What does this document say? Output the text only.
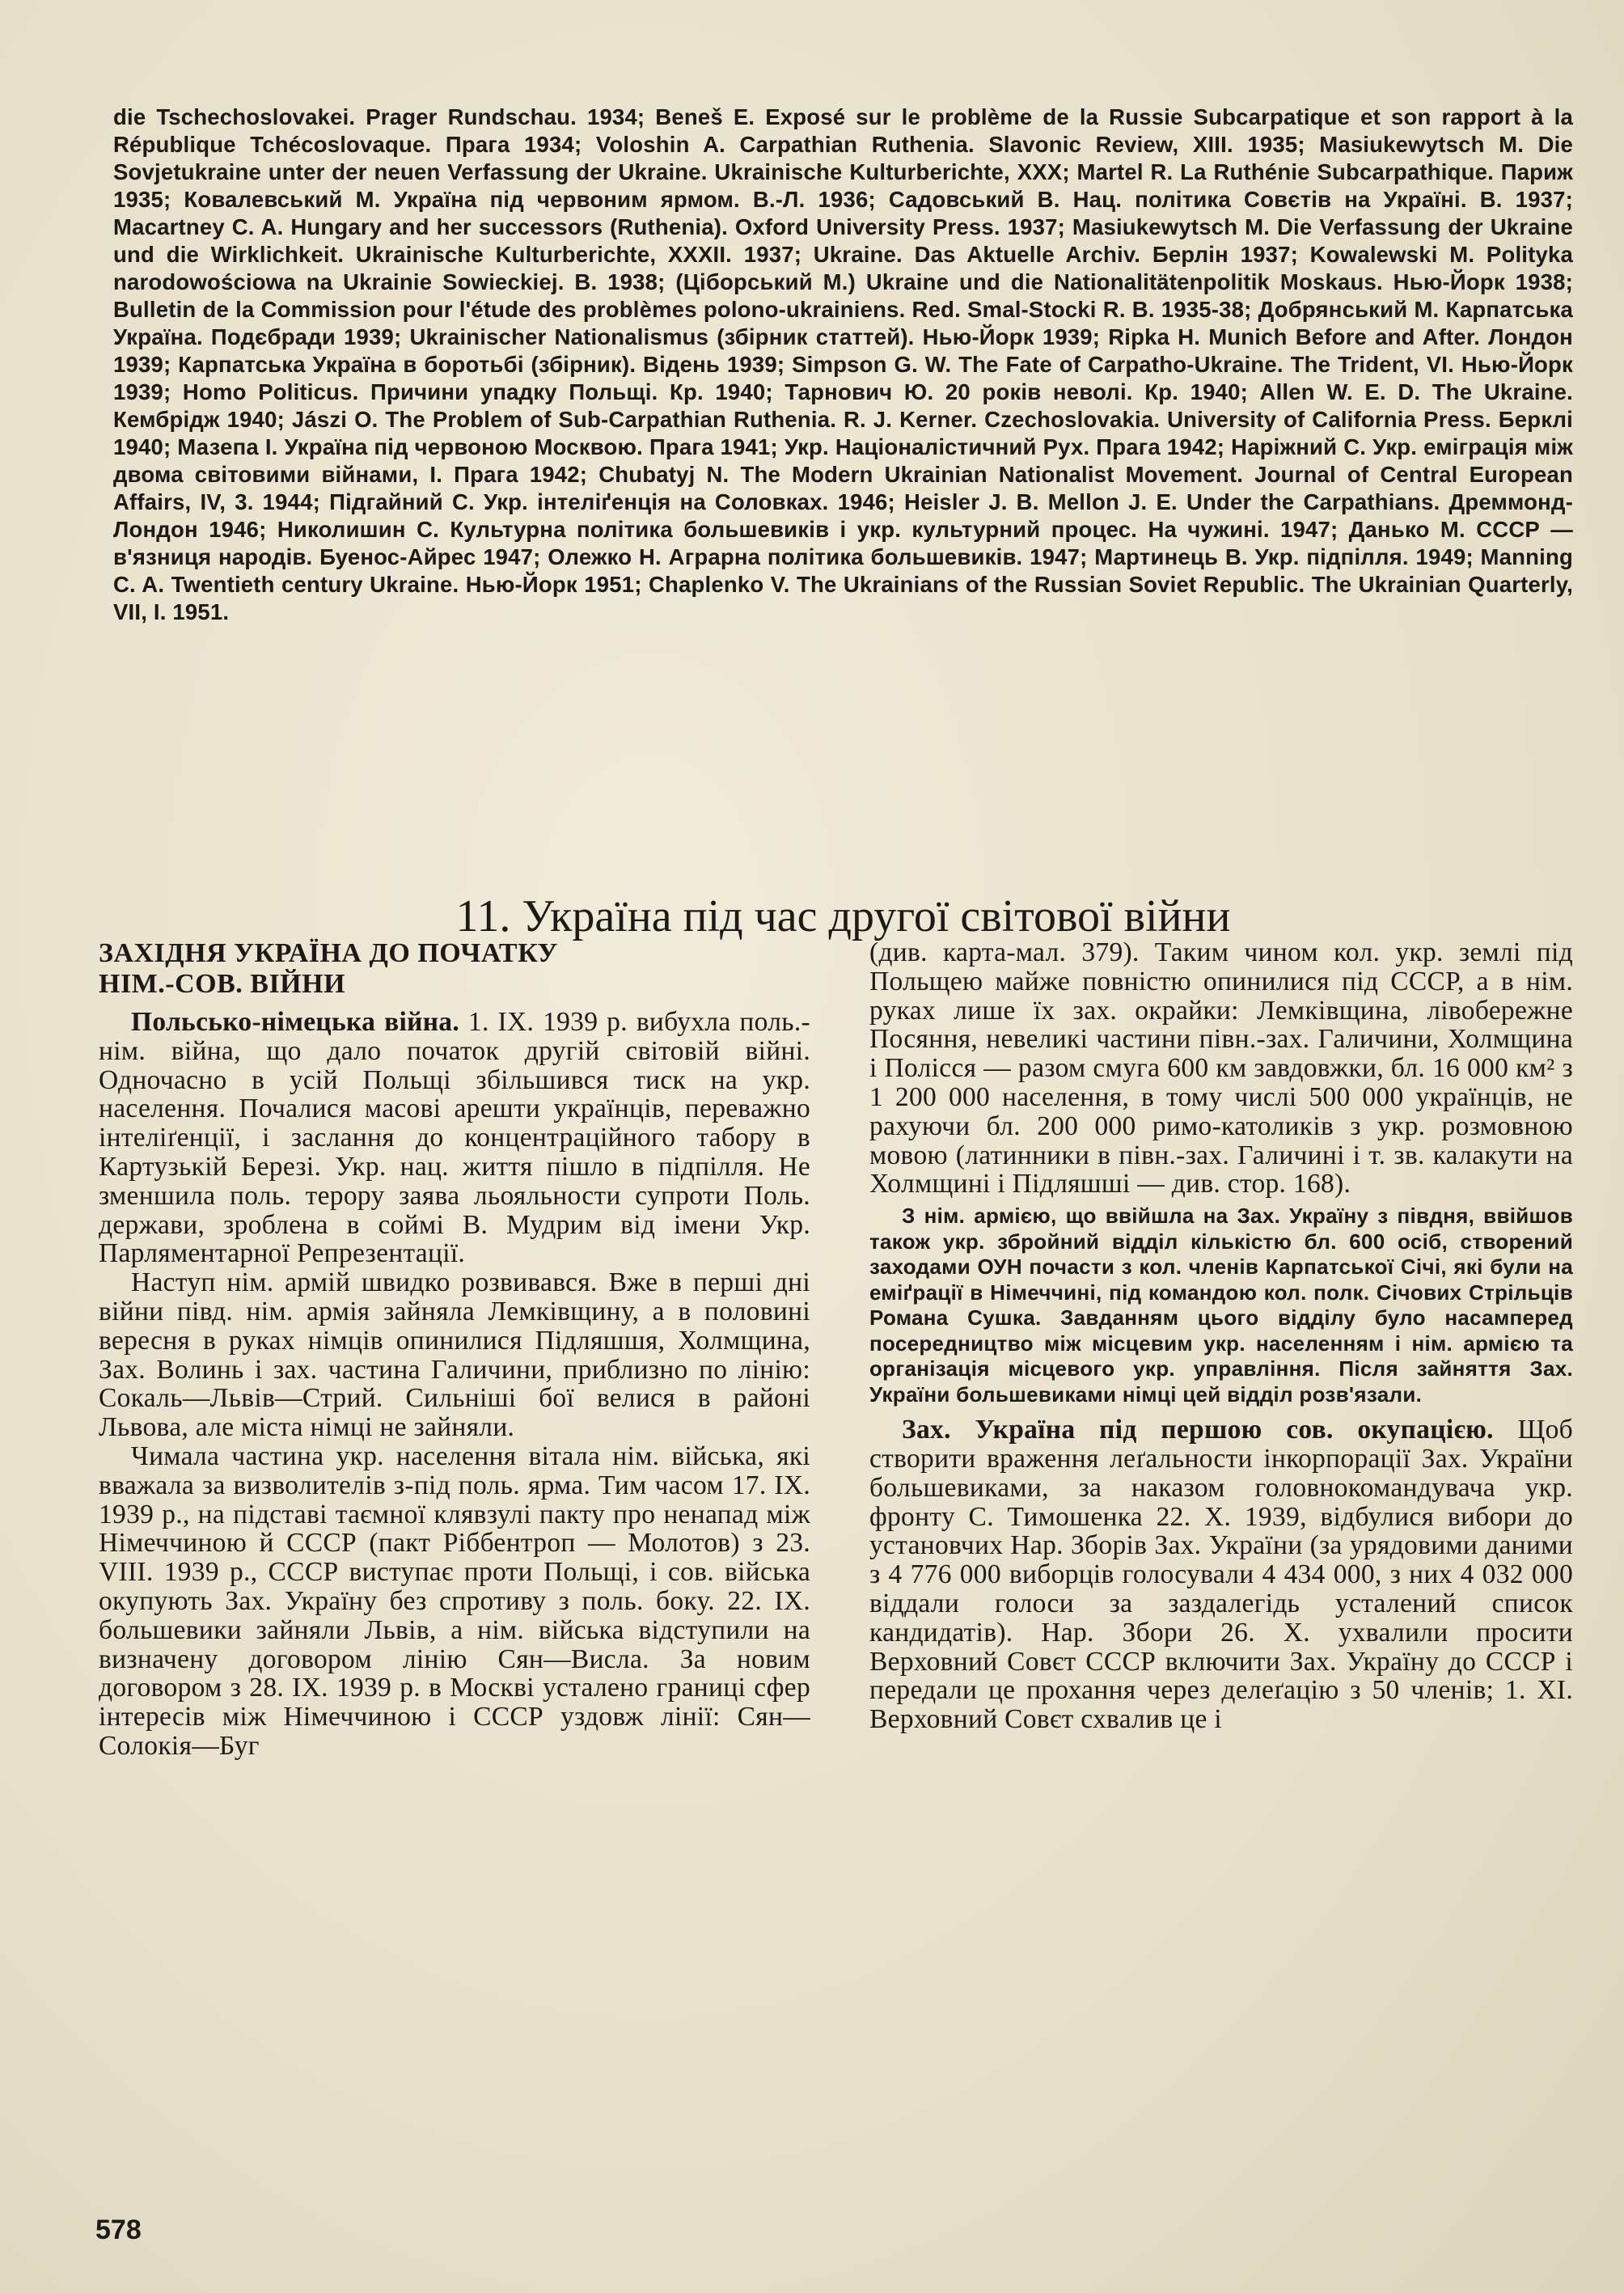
die Tschechoslovakei. Prager Rundschau. 1934; Beneš E. Exposé sur le problème de la Russie Subcarpatique et son rapport à la République Tchécoslovaque. Прага 1934; Voloshin A. Carpathian Ruthenia. Slavonic Review, XIII. 1935; Masiukewytsch M. Die Sovjetukraine unter der neuen Verfassung der Ukraine. Ukrainische Kulturberichte, XXX; Martel R. La Ruthénie Subcarpathique. Париж 1935; Ковалевський М. Україна під червоним ярмом. В.-Л. 1936; Садовський В. Нац. політика Совєтів на Україні. В. 1937; Macartney C. A. Hungary and her successors (Ruthenia). Oxford University Press. 1937; Masiukewytsch M. Die Verfassung der Ukraine und die Wirklichkeit. Ukrainische Kulturberichte, XXXII. 1937; Ukraine. Das Aktuelle Archiv. Берлін 1937; Kowalewski M. Polityka narodowościowa na Ukrainie Sowieckiej. В. 1938; (Ціборський М.) Ukraine und die Nationalitätenpolitik Moskaus. Нью-Йорк 1938; Bulletin de la Commission pour l'étude des problèmes polono-ukrainiens. Red. Smal-Stocki R. B. 1935-38; Добрянський М. Карпатська Україна. Подєбради 1939; Ukrainischer Nationalismus (збірник статтей). Нью-Йорк 1939; Ripka H. Munich Before and After. Лондон 1939; Карпатська Україна в боротьбі (збірник). Відень 1939; Simpson G. W. The Fate of Carpatho-Ukraine. The Trident, VI. Нью-Йорк 1939; Homo Politicus. Причини упадку Польщі. Кр. 1940; Тарнович Ю. 20 років неволі. Кр. 1940; Allen W. E. D. The Ukraine. Кембрідж 1940; Jászi O. The Problem of Sub-Carpathian Ruthenia. R. J. Kerner. Czechoslovakia. University of California Press. Берклі 1940; Мазепа І. Україна під червоною Москвою. Прага 1941; Укр. Націоналістичний Рух. Прага 1942; Наріжний С. Укр. еміграція між двома світовими війнами, І. Прага 1942; Chubatyj N. The Modern Ukrainian Nationalist Movement. Journal of Central European Affairs, IV, 3. 1944; Підгайний С. Укр. інтеліґенція на Соловках. 1946; Heisler J. B. Mellon J. E. Under the Carpathians. Дреммонд-Лондон 1946; Николишин С. Культурна політика большевиків і укр. культурний процес. На чужині. 1947; Данько М. СССР — в'язниця народів. Буенос-Айрес 1947; Олежко Н. Аграрна політика большевиків. 1947; Мартинець В. Укр. підпілля. 1949; Manning C. A. Twentieth century Ukraine. Нью-Йорк 1951; Chaplenko V. The Ukrainians of the Russian Soviet Republic. The Ukrainian Quarterly, VII, I. 1951.
11. Україна під час другої світової війни
ЗАХІДНЯ УКРАЇНА ДО ПОЧАТКУ
НІМ.-СОВ. ВІЙНИ

Польсько-німецька війна. 1. IX. 1939 р. вибухла поль.-нім. війна, що дало початок другій світовій війні. Одночасно в усій Польщі збільшився тиск на укр. населення. Почалися масові арешти українців, переважно інтеліґенції, і заслання до концентраційного табору в Картузькій Березі. Укр. нац. життя пішло в підпілля. Не зменшила поль. терору заява льояльности супроти Поль. держави, зроблена в соймі В. Мудрим від імени Укр. Парляментарної Репрезентації.

Наступ нім. армій швидко розвивався. Вже в перші дні війни півд. нім. армія зайняла Лемківщину, а в половині вересня в руках німців опинилися Підляшшя, Холмщина, Зах. Волинь і зах. частина Галичини, приблизно по лінію: Сокаль—Львів—Стрий. Сильніші бої велися в районі Львова, але міста німці не зайняли.

Чимала частина укр. населення вітала нім. війська, які вважала за визволителів з-під поль. ярма. Тим часом 17. IX. 1939 р., на підставі таємної клявзулі пакту про ненапад між Німеччиною й СССР (пакт Ріббентроп — Молотов) з 23. VIII. 1939 р., СССР виступає проти Польщі, і сов. війська окупують Зах. Україну без спротиву з поль. боку. 22. IX. большевики зайняли Львів, а нім. війська відступили на визначену договором лінію Сян—Висла. За новим договором з 28. IX. 1939 р. в Москві усталено границі сфер інтересів між Німеччиною і СССР уздовж лінії: Сян—Солокія—Буг

(див. карта-мал. 379). Таким чином кол. укр. землі під Польщею майже повністю опинилися під СССР, а в нім. руках лише їх зах. окрайки: Лемківщина, лівобережне Посяння, невеликі частини півн.-зах. Галичини, Холмщина і Полісся — разом смуга 600 км завдовжки, бл. 16 000 км² з 1 200 000 населення, в тому числі 500 000 українців, не рахуючи бл. 200 000 римо-католиків з укр. розмовною мовою (латинники в півн.-зах. Галичині і т. зв. калакути на Холмщині і Підляшші — див. стор. 168).

З нім. армією, що ввійшла на Зах. Україну з півдня, ввійшов також укр. збройний відділ кількістю бл. 600 осіб, створений заходами ОУН почасти з кол. членів Карпатської Січі, які були на еміґрації в Німеччині, під командою кол. полк. Січових Стрільців Романа Сушка. Завданням цього відділу було насамперед посередництво між місцевим укр. населенням і нім. армією та організація місцевого укр. управління. Після зайняття Зах. України большевиками німці цей відділ розв'язали.

Зах. Україна під першою сов. окупацією. Щоб створити враження леґальности інкорпорації Зах. України большевиками, за наказом головнокомандувача укр. фронту С. Тимошенка 22. X. 1939, відбулися вибори до установчих Нар. Зборів Зах. України (за урядовими даними з 4 776 000 виборців голосували 4 434 000, з них 4 032 000 віддали голоси за заздалегідь усталений список кандидатів). Нар. Збори 26. X. ухвалили просити Верховний Совєт СССР включити Зах. Україну до СССР і передали це прохання через делеґацію з 50 членів; 1. XI. Верховний Совєт схвалив це і

578
